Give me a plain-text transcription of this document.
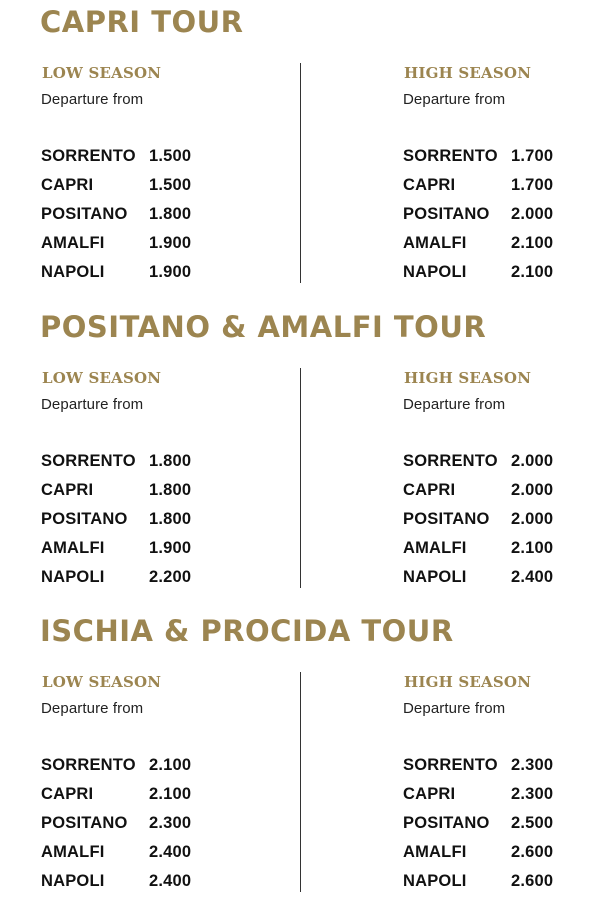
CAPRI TOUR
LOW SEASON
Departure from
SORRENTO 1.500
CAPRI	1.500
POSITANO	1.800
AMALFI	1.900
NAPOLI	1.900
HIGH SEASON
Departure from
SORRENTO 1.700
CAPRI	1.700
POSITANO	2.000
AMALFI	2.100
NAPOLI	2.100
POSITANO & AMALFI TOUR
LOW SEASON
Departure from
SORRENTO 1.800
CAPRI	1.800
POSITANO	1.800
AMALFI	1.900
NAPOLI	2.200
HIGH SEASON
Departure from
SORRENTO 2.000
CAPRI	2.000
POSITANO	2.000
AMALFI	2.100
NAPOLI	2.400
ISCHIA & PROCIDA TOUR
LOW SEASON
Departure from
SORRENTO 2.100
CAPRI	2.100
POSITANO	2.300
AMALFI	2.400
NAPOLI	2.400
HIGH SEASON
Departure from
SORRENTO 2.300
CAPRI	2.300
POSITANO	2.500
AMALFI	2.600
NAPOLI	2.600
